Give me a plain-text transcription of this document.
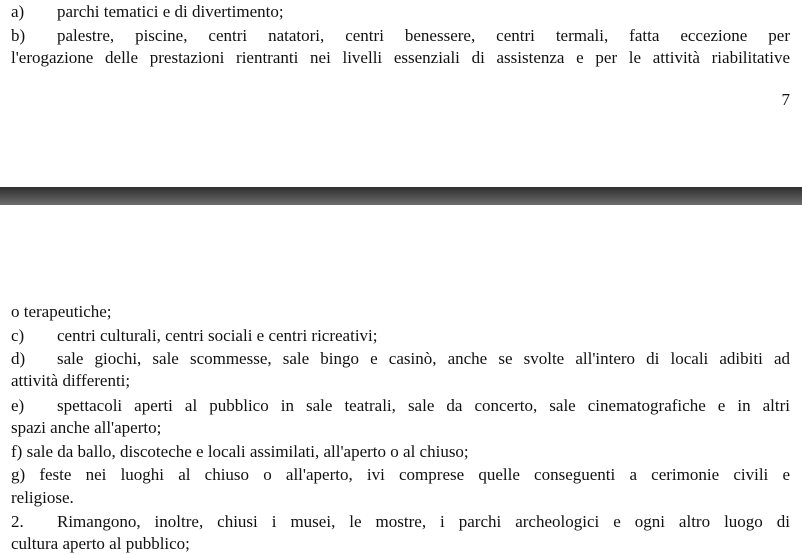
a) parchi tematici e di divertimento;
b) palestre, piscine, centri natatori, centri benessere, centri termali, fatta eccezione per
l'erogazione delle prestazioni rientranti nei livelli essenziali di assistenza e per le attività riabilitative
7
o terapeutiche;
c) centri culturali, centri sociali e centri ricreativi;
d) sale giochi, sale scommesse, sale bingo e casinò, anche se svolte all'intero di locali adibiti ad
attività differenti;
e) spettacoli aperti al pubblico in sale teatrali, sale da concerto, sale cinematografiche e in altri
spazi anche all'aperto;
f) sale da ballo, discoteche e locali assimilati, all'aperto o al chiuso;
g) feste nei luoghi al chiuso o all'aperto, ivi comprese quelle conseguenti a cerimonie civili e
religiose.
2. Rimangono, inoltre, chiusi i musei, le mostre, i parchi archeologici e ogni altro luogo di
cultura aperto al pubblico;
